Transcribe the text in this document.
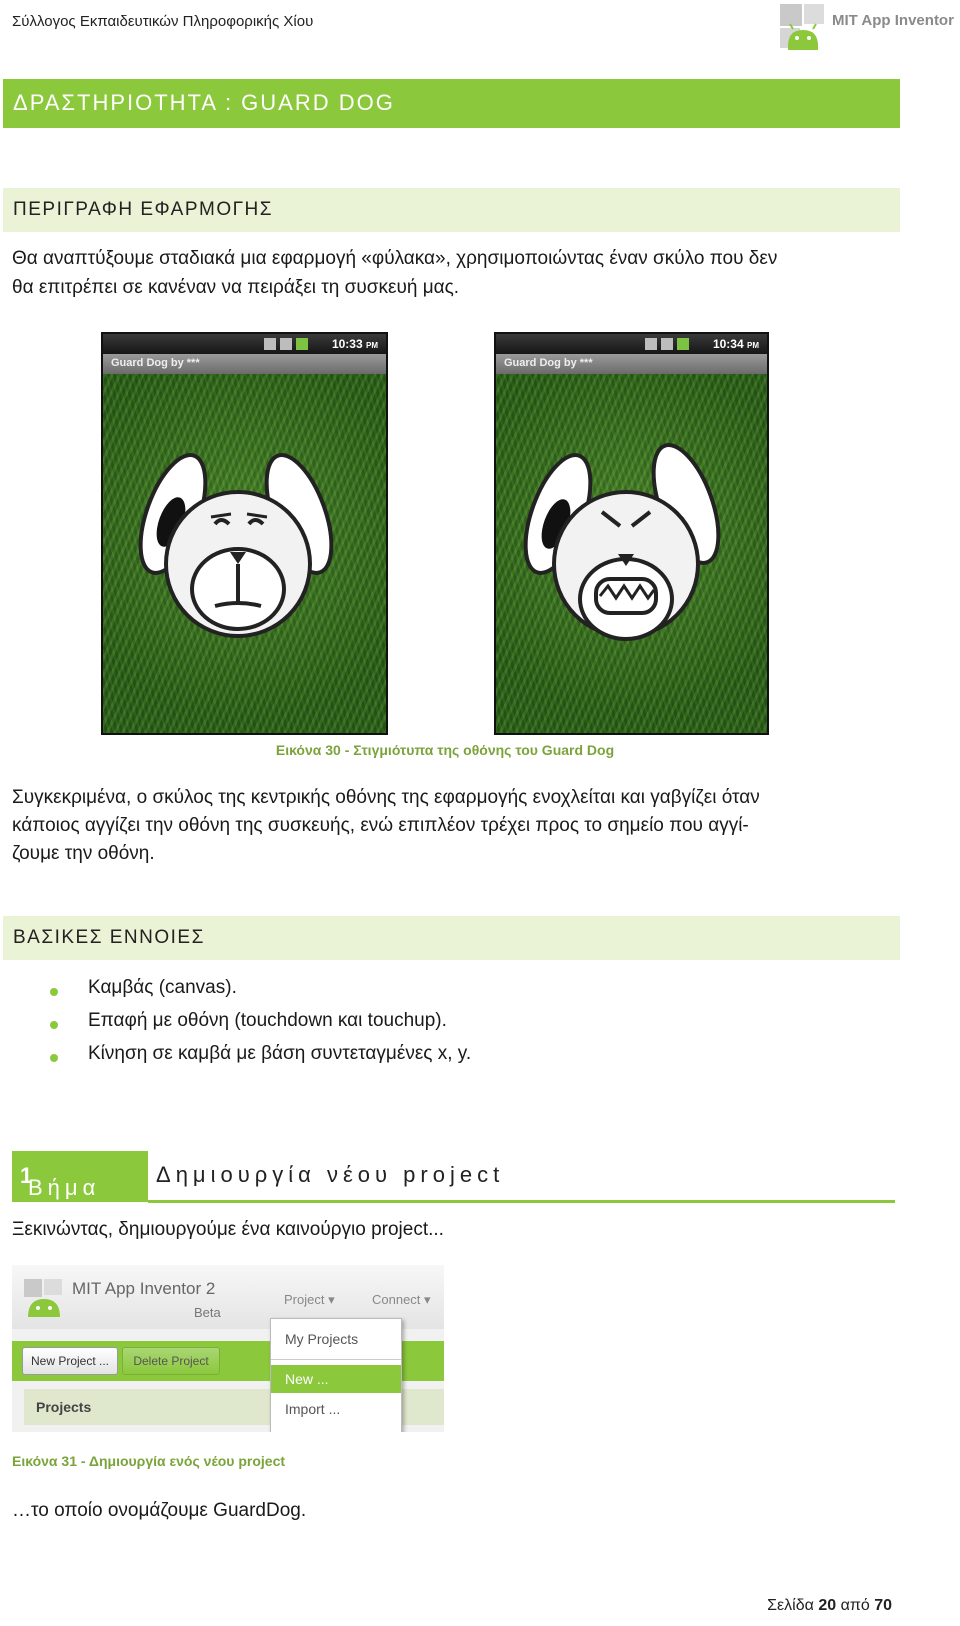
Σύλλογος Εκπαιδευτικών Πληροφορικής Χίου	MIT App Inventor
ΔΡΑΣΤΗΡΙΟΤΗΤΑ : GUARD DOG
ΠΕΡΙΓΡΑΦΗ ΕΦΑΡΜΟΓΗΣ
Θα αναπτύξουμε σταδιακά μια εφαρμογή «φύλακα», χρησιμοποιώντας έναν σκύλο που δεν
θα επιτρέπει σε κανέναν να πειράξει τη συσκευή μας.
10:33 PM
Guard Dog by ***
10:34 PM
Guard Dog by ***
Εικόνα 30 - Στιγμιότυπα της οθόνης του Guard Dog
Συγκεκριμένα, ο σκύλος της κεντρικής οθόνης της εφαρμογής ενοχλείται και γαβγίζει όταν
κάποιος αγγίζει την οθόνη της συσκευής, ενώ επιπλέον τρέχει προς το σημείο που αγγί-
ζουμε την οθόνη.
ΒΑΣΙΚΕΣ ΕΝΝΟΙΕΣ
Καμβάς (canvas).
Επαφή με οθόνη (touchdown και touchup).
Κίνηση σε καμβά με βάση συντεταγμένες x, y.
Βήμα
1	Δημιουργία νέου project
Ξεκινώντας, δημιουργούμε ένα καινούργιο project...
MIT App Inventor 2
Beta
Project ▾	Connect ▾
New Project ...	Delete Project
Projects
My Projects
New ...
Import ...
Εικόνα 31 - Δημιουργία ενός νέου project
…το οποίο ονομάζουμε GuardDog.
Σελίδα 20 από 70
